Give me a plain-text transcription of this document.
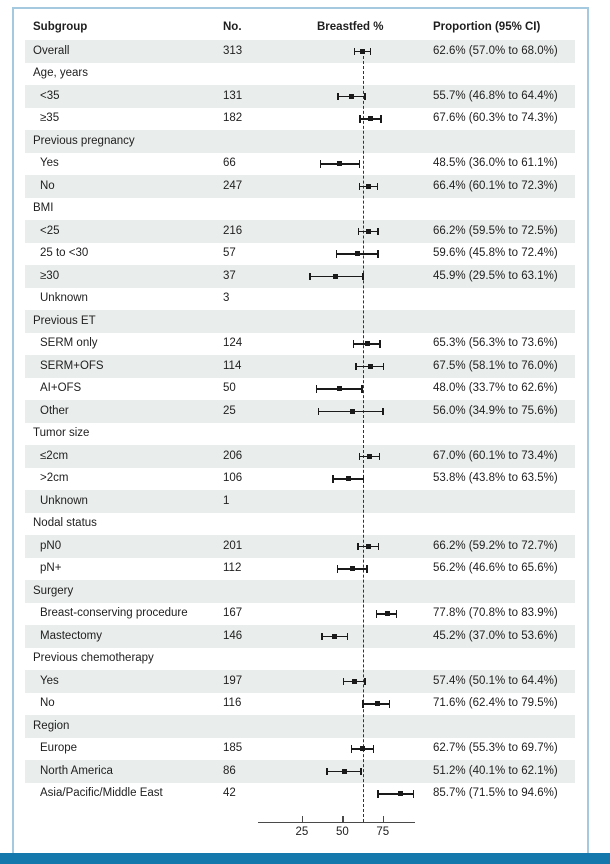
Subgroup	No.	Breastfed %	Proportion (95% CI)
Overall	313	62.6% (57.0% to 68.0%)
Age, years
<35	131	55.7% (46.8% to 64.4%)
≥35	182	67.6% (60.3% to 74.3%)
Previous pregnancy
Yes	66	48.5% (36.0% to 61.1%)
No	247	66.4% (60.1% to 72.3%)
BMI
<25	216	66.2% (59.5% to 72.5%)
25 to <30	57	59.6% (45.8% to 72.4%)
≥30	37	45.9% (29.5% to 63.1%)
Unknown	3
Previous ET
SERM only	124	65.3% (56.3% to 73.6%)
SERM+OFS	114	67.5% (58.1% to 76.0%)
AI+OFS	50	48.0% (33.7% to 62.6%)
Other	25	56.0% (34.9% to 75.6%)
Tumor size
≤2cm	206	67.0% (60.1% to 73.4%)
>2cm	106	53.8% (43.8% to 63.5%)
Unknown	1
Nodal status
pN0	201	66.2% (59.2% to 72.7%)
pN+	112	56.2% (46.6% to 65.6%)
Surgery
Breast-conserving procedure	167	77.8% (70.8% to 83.9%)
Mastectomy	146	45.2% (37.0% to 53.6%)
Previous chemotherapy
Yes	197	57.4% (50.1% to 64.4%)
No	116	71.6% (62.4% to 79.5%)
Region
Europe	185	62.7% (55.3% to 69.7%)
North America	86	51.2% (40.1% to 62.1%)
Asia/Pacific/Middle East	42	85.7% (71.5% to 94.6%)
25	50	75
